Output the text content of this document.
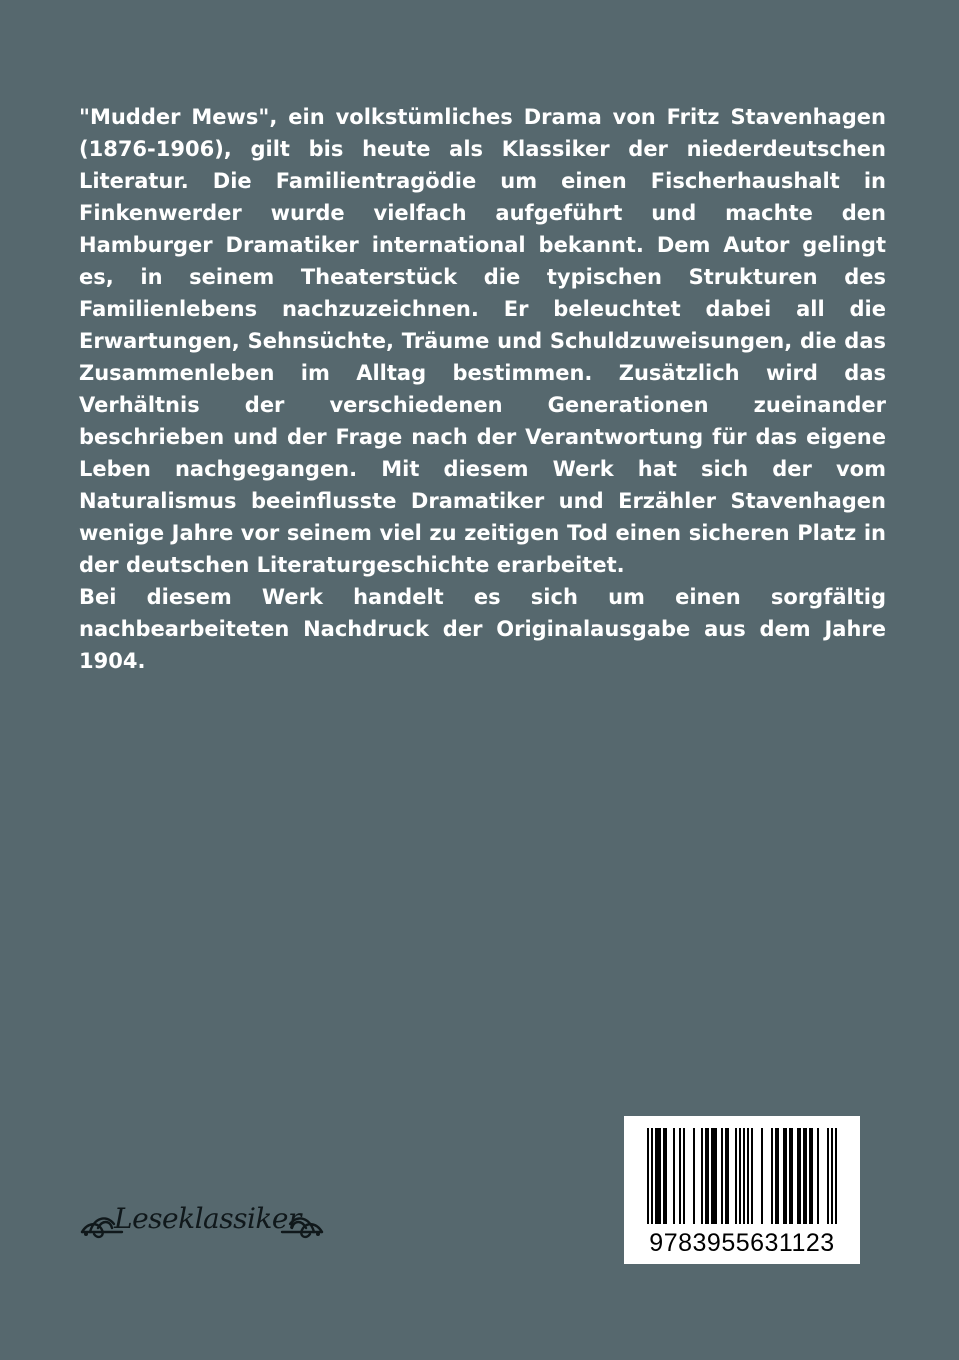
"Mudder Mews", ein volkstümliches Drama von Fritz Stavenhagen (1876-1906), gilt bis heute als Klassiker der niederdeutschen Literatur. Die Familientragödie um einen Fischerhaushalt in Finkenwerder wurde vielfach aufgeführt und machte den Hamburger Dramatiker international bekannt. Dem Autor gelingt es, in seinem Theaterstück die typischen Strukturen des Familienlebens nachzuzeichnen. Er beleuchtet dabei all die Erwartungen, Sehnsüchte, Träume und Schuldzuweisungen, die das Zusammenleben im Alltag bestimmen. Zusätzlich wird das Verhältnis der verschiedenen Generationen zueinander beschrieben und der Frage nach der Verantwortung für das eigene Leben nachgegangen. Mit diesem Werk hat sich der vom Naturalismus beeinflusste Dramatiker und Erzähler Stavenhagen wenige Jahre vor seinem viel zu zeitigen Tod einen sicheren Platz in der deutschen Literaturgeschichte erarbeitet.

Bei diesem Werk handelt es sich um einen sorgfältig nachbearbeiteten Nachdruck der Originalausgabe aus dem Jahre 1904.

Leseklassiker
9783955631123
